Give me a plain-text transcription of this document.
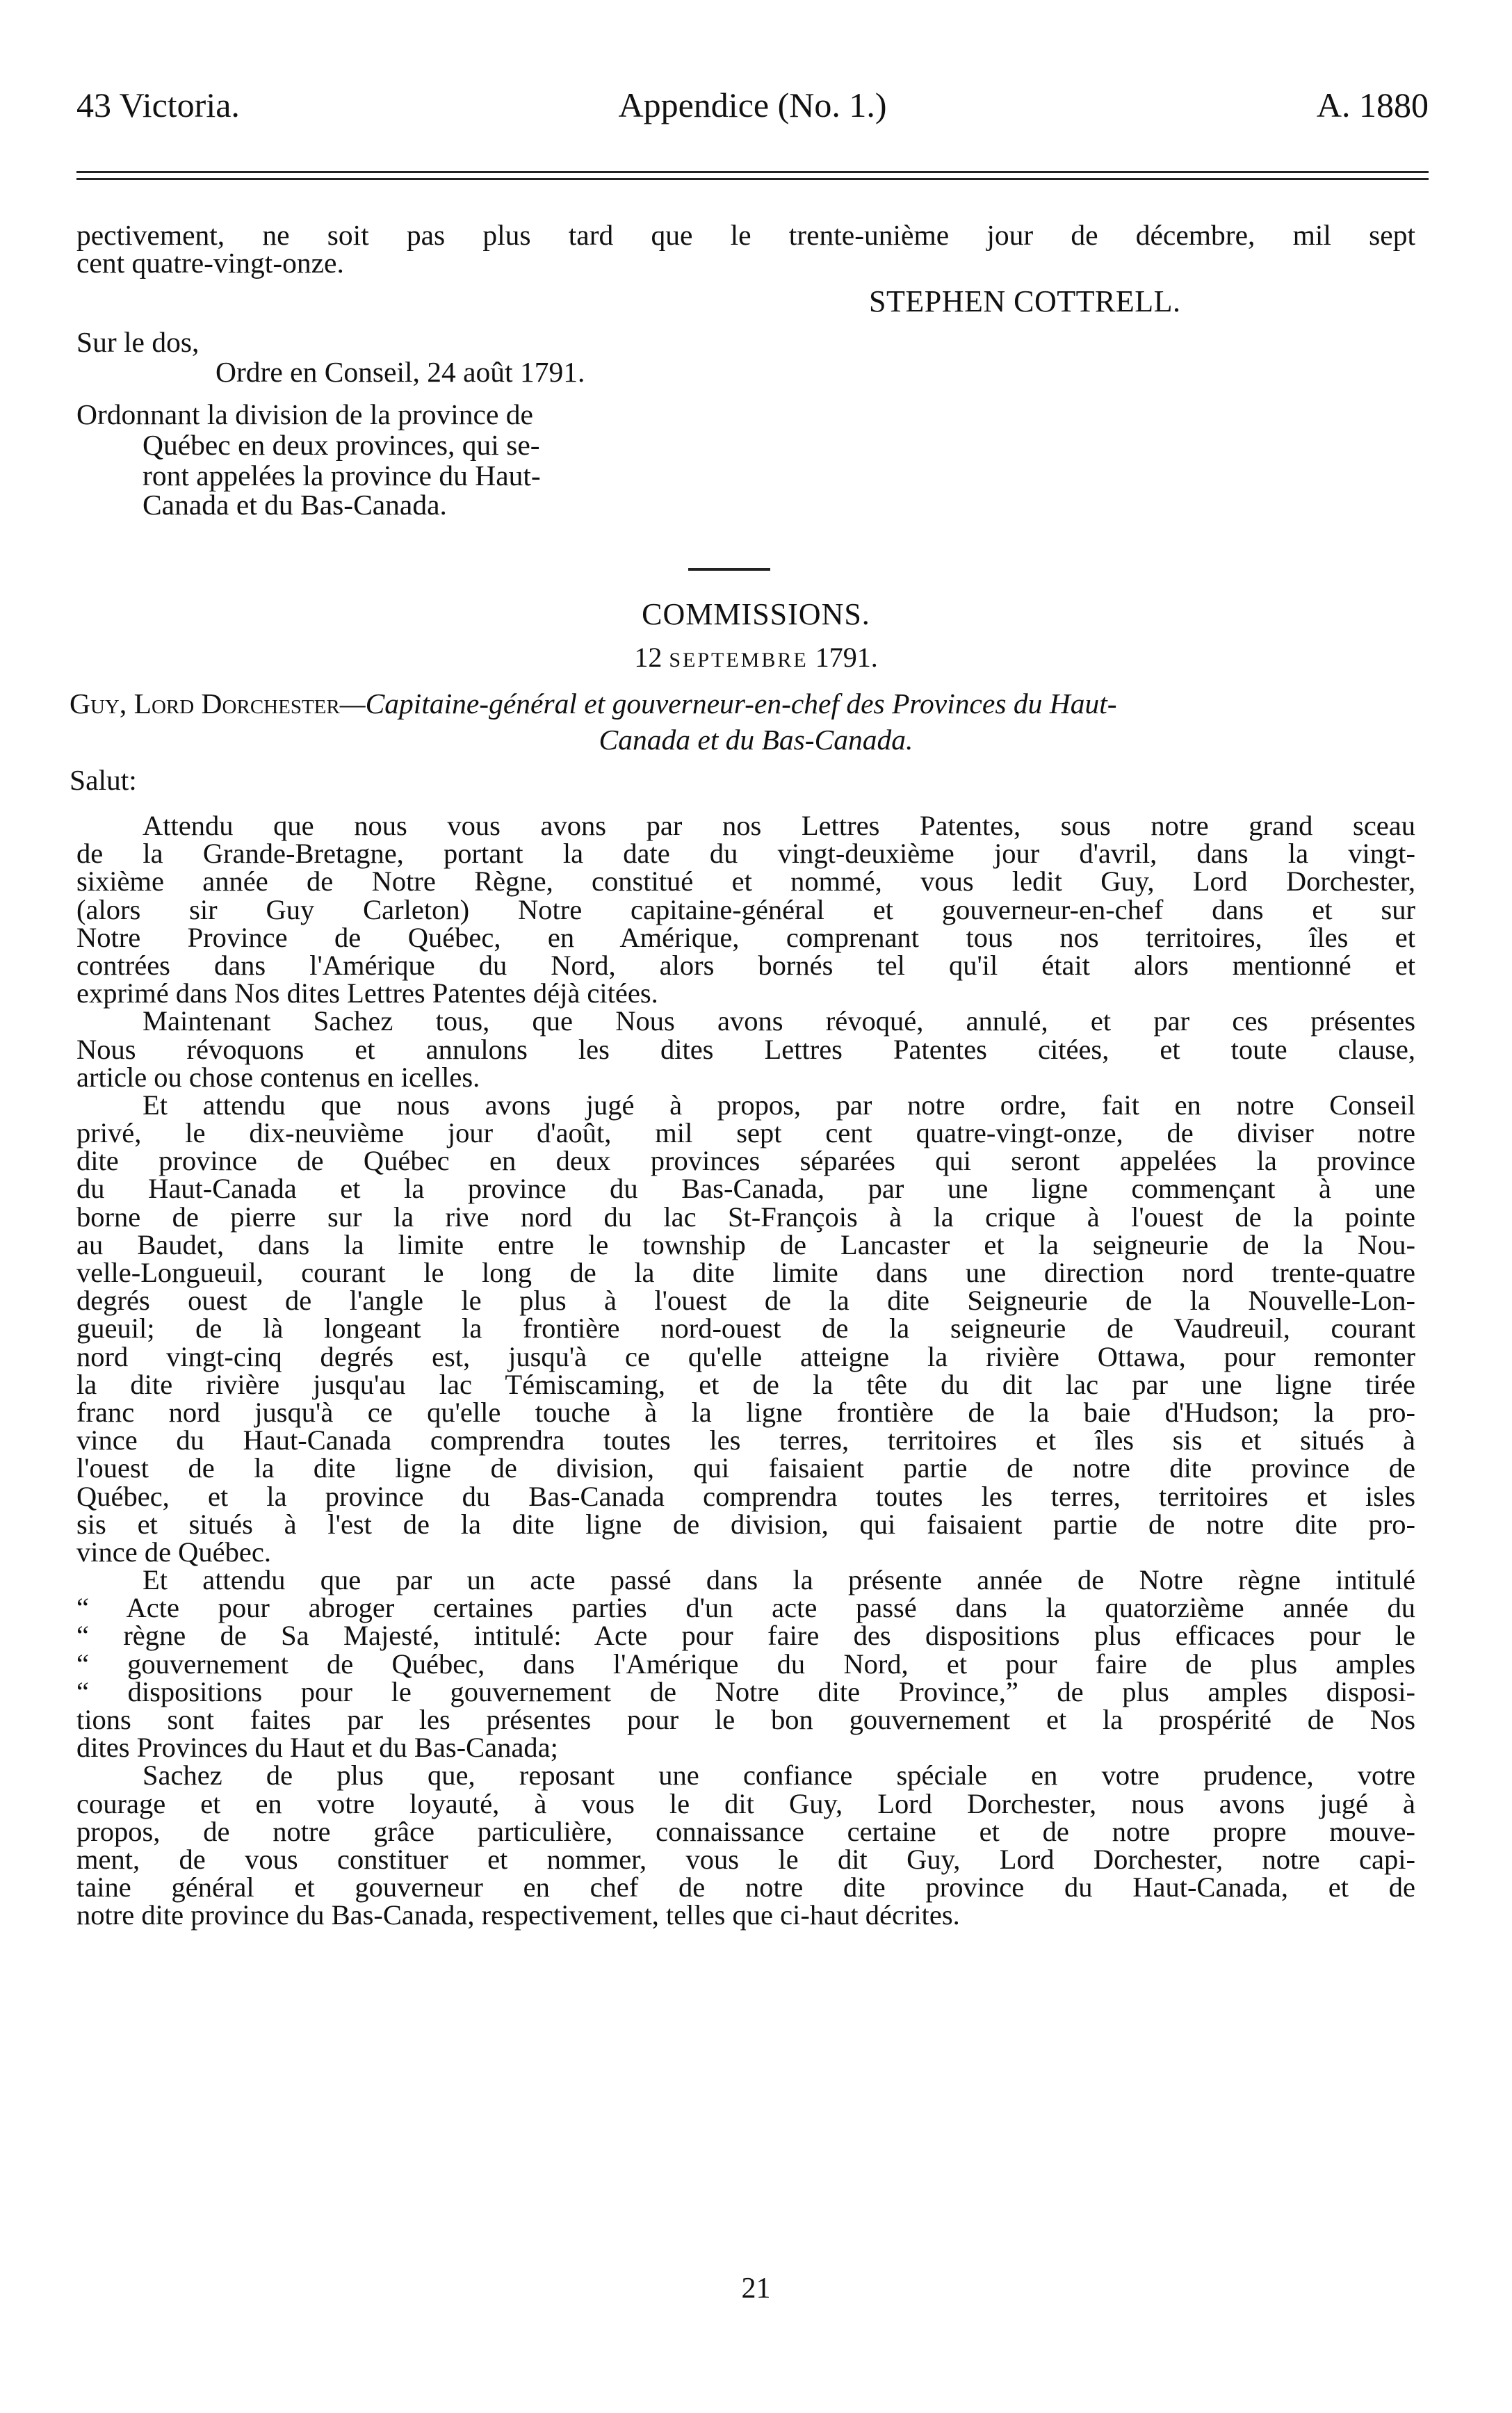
43 Victoria.	Appendice (No. 1.)	A. 1880
pectivement, ne soit pas plus tard que le trente-unième jour de décembre, mil sept
cent quatre-vingt-onze.
STEPHEN COTTRELL.
Sur le dos,
Ordre en Conseil, 24 août 1791.
Ordonnant la division de la province de
Québec en deux provinces, qui se-
ront appelées la province du Haut-
Canada et du Bas-Canada.
COMMISSIONS.
12 SEPTEMBRE 1791.
Guy, Lord Dorchester—Capitaine-général et gouverneur-en-chef des Provinces du Haut-
Canada et du Bas-Canada.
Salut:
Attendu que nous vous avons par nos Lettres Patentes, sous notre grand sceau
de la Grande-Bretagne, portant la date du vingt-deuxième jour d'avril, dans la vingt-
sixième année de Notre Règne, constitué et nommé, vous ledit Guy, Lord Dorchester,
(alors sir Guy Carleton) Notre capitaine-général et gouverneur-en-chef dans et sur
Notre Province de Québec, en Amérique, comprenant tous nos territoires, îles et
contrées dans l'Amérique du Nord, alors bornés tel qu'il était alors mentionné et
exprimé dans Nos dites Lettres Patentes déjà citées.
Maintenant Sachez tous, que Nous avons révoqué, annulé, et par ces présentes
Nous révoquons et annulons les dites Lettres Patentes citées, et toute clause,
article ou chose contenus en icelles.
Et attendu que nous avons jugé à propos, par notre ordre, fait en notre Conseil
privé, le dix-neuvième jour d'août, mil sept cent quatre-vingt-onze, de diviser notre
dite province de Québec en deux provinces séparées qui seront appelées la province
du Haut-Canada et la province du Bas-Canada, par une ligne commençant à une
borne de pierre sur la rive nord du lac St-François à la crique à l'ouest de la pointe
au Baudet, dans la limite entre le township de Lancaster et la seigneurie de la Nou-
velle-Longueuil, courant le long de la dite limite dans une direction nord trente-quatre
degrés ouest de l'angle le plus à l'ouest de la dite Seigneurie de la Nouvelle-Lon-
gueuil; de là longeant la frontière nord-ouest de la seigneurie de Vaudreuil, courant
nord vingt-cinq degrés est, jusqu'à ce qu'elle atteigne la rivière Ottawa, pour remonter
la dite rivière jusqu'au lac Témiscaming, et de la tête du dit lac par une ligne tirée
franc nord jusqu'à ce qu'elle touche à la ligne frontière de la baie d'Hudson; la pro-
vince du Haut-Canada comprendra toutes les terres, territoires et îles sis et situés à
l'ouest de la dite ligne de division, qui faisaient partie de notre dite province de
Québec, et la province du Bas-Canada comprendra toutes les terres, territoires et isles
sis et situés à l'est de la dite ligne de division, qui faisaient partie de notre dite pro-
vince de Québec.
Et attendu que par un acte passé dans la présente année de Notre règne intitulé
“ Acte pour abroger certaines parties d'un acte passé dans la quatorzième année du
“ règne de Sa Majesté, intitulé: Acte pour faire des dispositions plus efficaces pour le
“ gouvernement de Québec, dans l'Amérique du Nord, et pour faire de plus amples
“ dispositions pour le gouvernement de Notre dite Province,” de plus amples disposi-
tions sont faites par les présentes pour le bon gouvernement et la prospérité de Nos
dites Provinces du Haut et du Bas-Canada;
Sachez de plus que, reposant une confiance spéciale en votre prudence, votre
courage et en votre loyauté, à vous le dit Guy, Lord Dorchester, nous avons jugé à
propos, de notre grâce particulière, connaissance certaine et de notre propre mouve-
ment, de vous constituer et nommer, vous le dit Guy, Lord Dorchester, notre capi-
taine général et gouverneur en chef de notre dite province du Haut-Canada, et de
notre dite province du Bas-Canada, respectivement, telles que ci-haut décrites.
21
